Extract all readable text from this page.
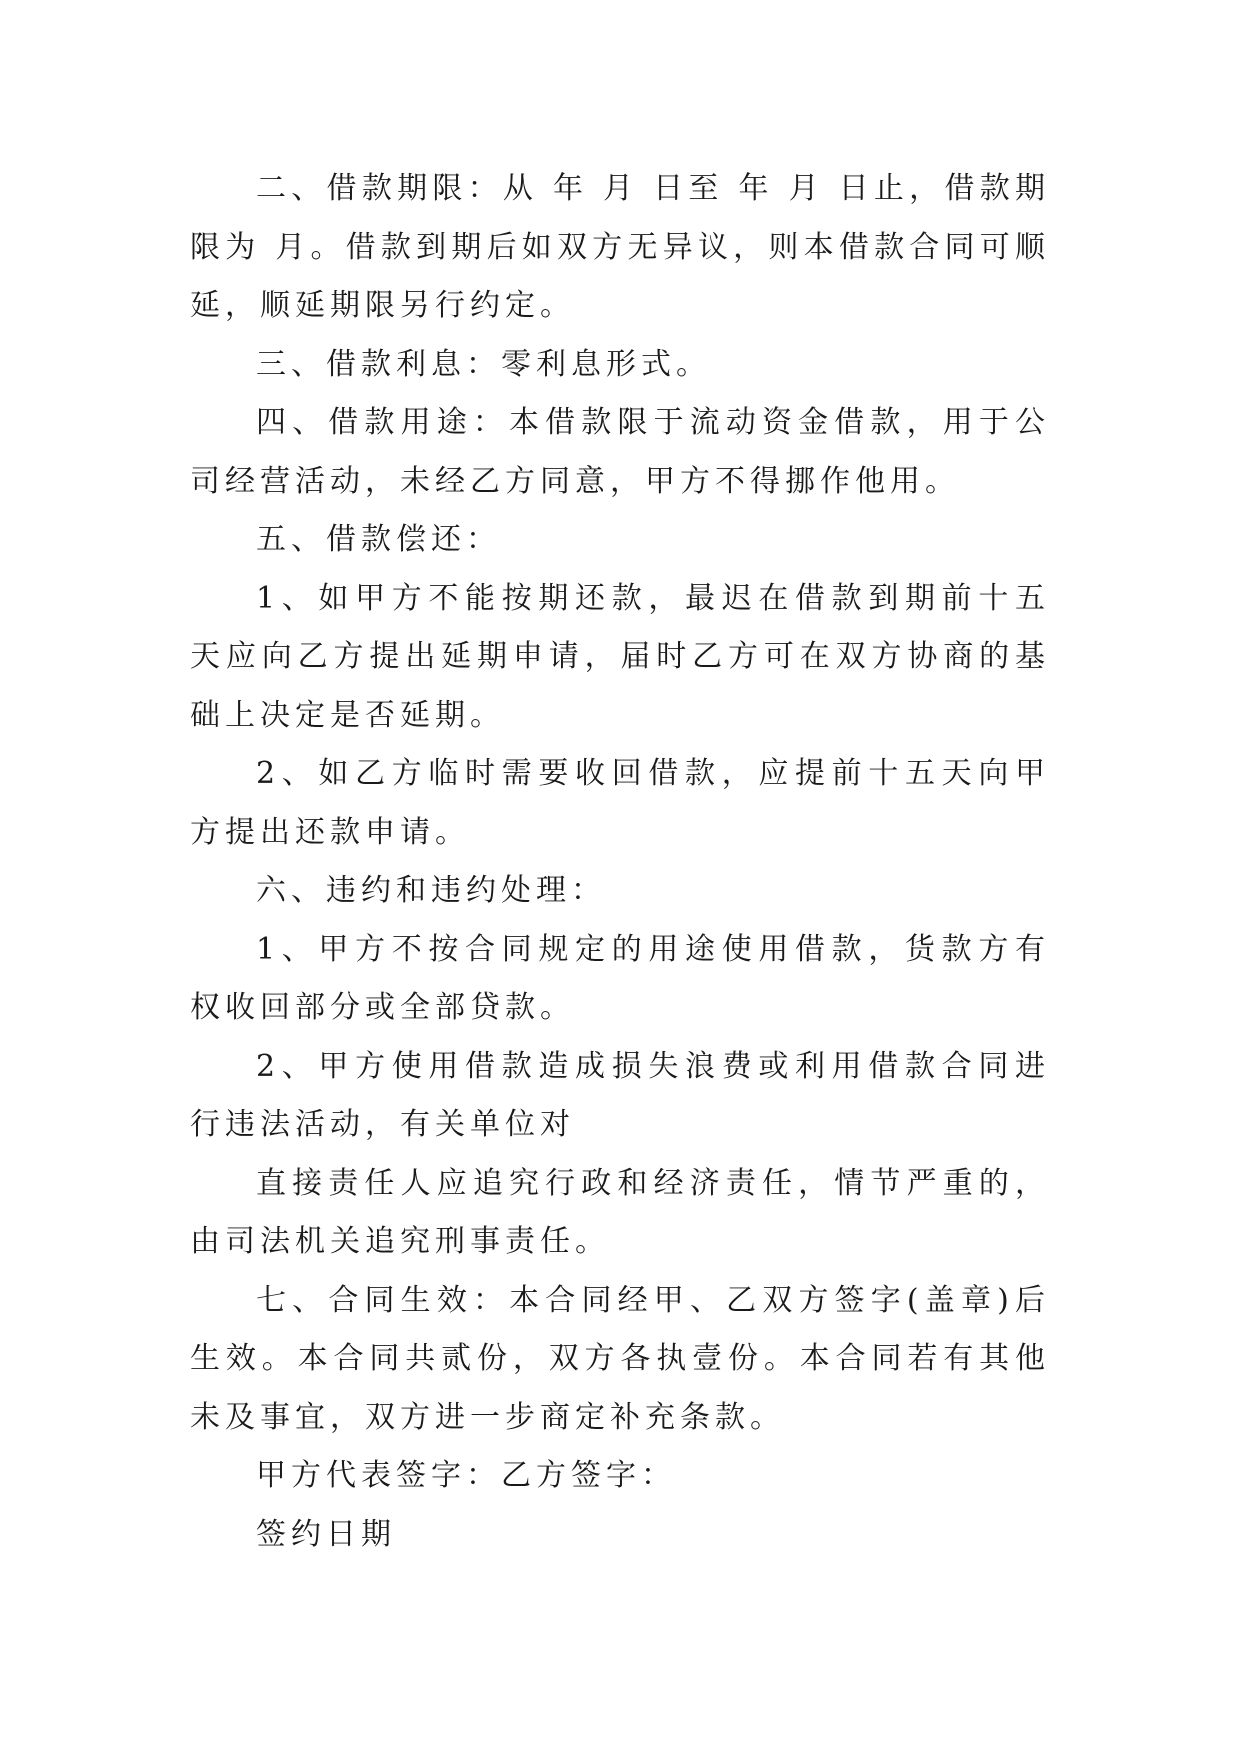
二、借款期限：从 年 月 日至 年 月 日止，借款期限为 月。借款到期后如双方无异议，则本借款合同可顺延，顺延期限另行约定。

三、借款利息：零利息形式。

四、借款用途：本借款限于流动资金借款，用于公司经营活动，未经乙方同意，甲方不得挪作他用。

五、借款偿还：

1、如甲方不能按期还款，最迟在借款到期前十五天应向乙方提出延期申请，届时乙方可在双方协商的基础上决定是否延期。

2、如乙方临时需要收回借款，应提前十五天向甲方提出还款申请。

六、违约和违约处理：

1、甲方不按合同规定的用途使用借款，货款方有权收回部分或全部贷款。

2、甲方使用借款造成损失浪费或利用借款合同进行违法活动，有关单位对

直接责任人应追究行政和经济责任，情节严重的，由司法机关追究刑事责任。

七、合同生效：本合同经甲、乙双方签字(盖章)后生效。本合同共贰份，双方各执壹份。本合同若有其他未及事宜，双方进一步商定补充条款。

甲方代表签字：乙方签字：

签约日期
